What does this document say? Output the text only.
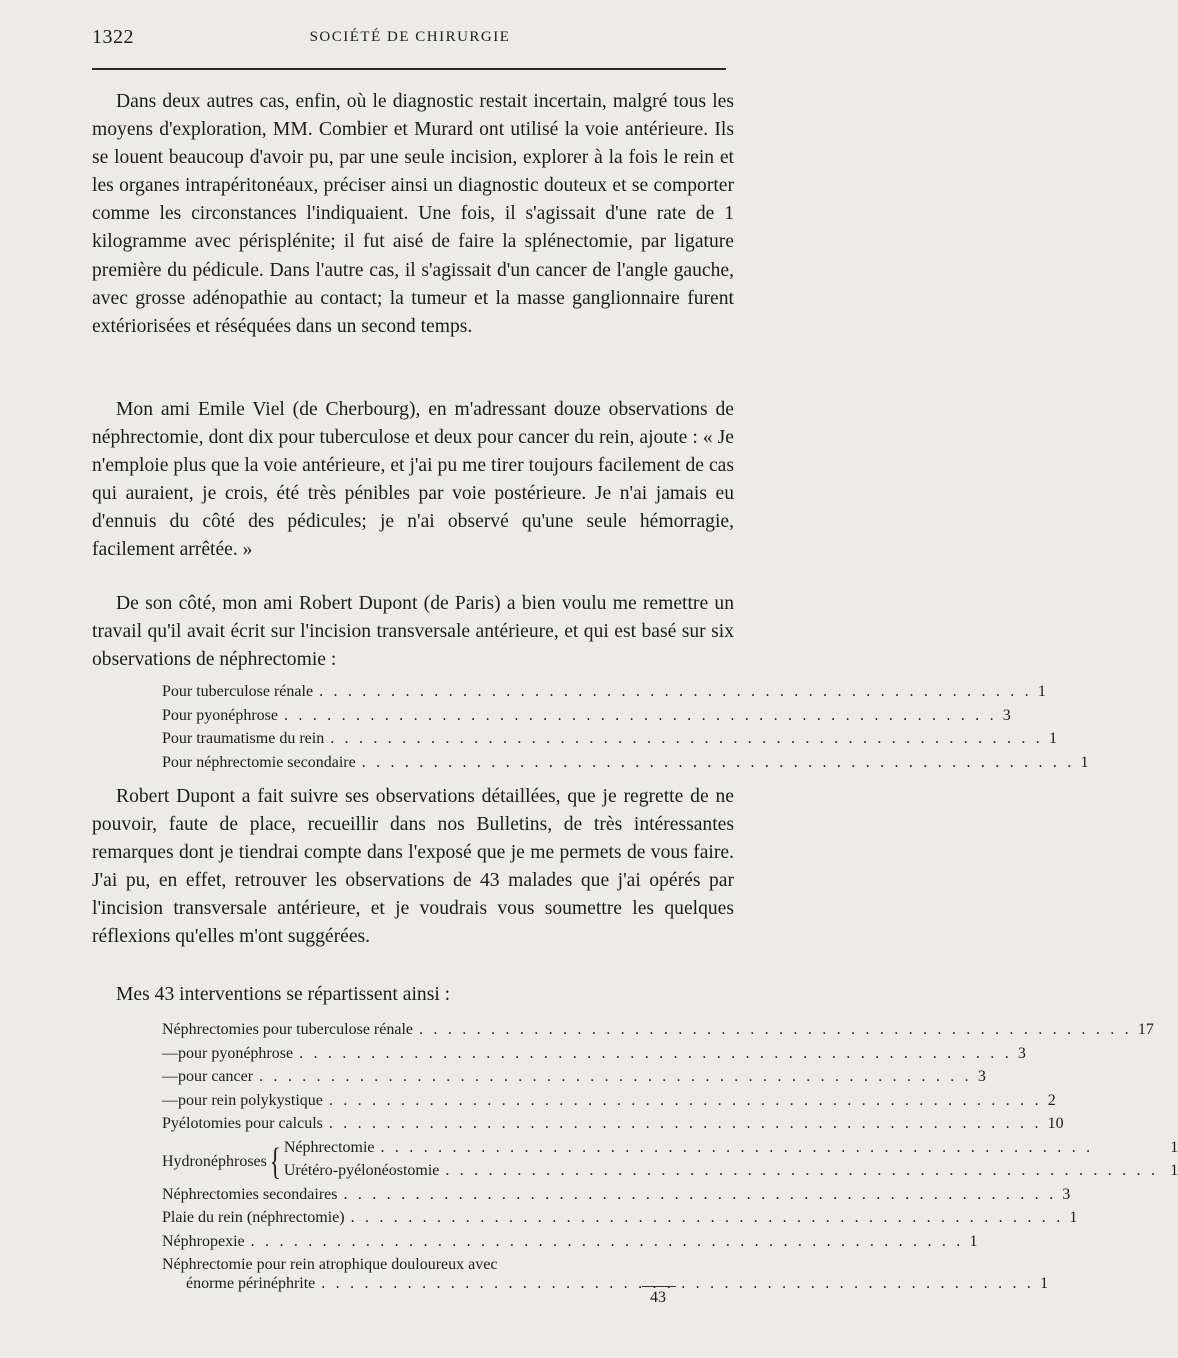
1322	SOCIÉTÉ DE CHIRURGIE

Dans deux autres cas, enfin, où le diagnostic restait incertain, malgré tous les moyens d'exploration, MM. Combier et Murard ont utilisé la voie antérieure. Ils se louent beaucoup d'avoir pu, par une seule incision, explorer à la fois le rein et les organes intrapéritonéaux, préciser ainsi un diagnostic douteux et se comporter comme les circonstances l'indiquaient. Une fois, il s'agissait d'une rate de 1 kilogramme avec périsplénite; il fut aisé de faire la splénectomie, par ligature première du pédicule. Dans l'autre cas, il s'agissait d'un cancer de l'angle gauche, avec grosse adénopathie au contact; la tumeur et la masse ganglionnaire furent extériorisées et réséquées dans un second temps.

Mon ami Emile Viel (de Cherbourg), en m'adressant douze observations de néphrectomie, dont dix pour tuberculose et deux pour cancer du rein, ajoute : « Je n'emploie plus que la voie antérieure, et j'ai pu me tirer toujours facilement de cas qui auraient, je crois, été très pénibles par voie postérieure. Je n'ai jamais eu d'ennuis du côté des pédicules; je n'ai observé qu'une seule hémorragie, facilement arrêtée. »

De son côté, mon ami Robert Dupont (de Paris) a bien voulu me remettre un travail qu'il avait écrit sur l'incision transversale antérieure, et qui est basé sur six observations de néphrectomie :

Pour tuberculose rénale . . .	1
Pour pyonéphrose . . .	3
Pour traumatisme du rein . . .	1
Pour néphrectomie secondaire . . .	1

Robert Dupont a fait suivre ses observations détaillées, que je regrette de ne pouvoir, faute de place, recueillir dans nos Bulletins, de très intéressantes remarques dont je tiendrai compte dans l'exposé que je me permets de vous faire. J'ai pu, en effet, retrouver les observations de 43 malades que j'ai opérés par l'incision transversale antérieure, et je voudrais vous soumettre les quelques réflexions qu'elles m'ont suggérées.

Mes 43 interventions se répartissent ainsi :

Néphrectomies pour tuberculose rénale . . .	17
— pour pyonéphrose . . .	3
— pour cancer . . .	3
— pour rein polykystique . . .	2
Pyélotomies pour calculs . . .	10
Hydronéphroses { Néphrectomie . . .	1
Urétéro-pyélonéostomie . . .	1
Néphrectomies secondaires . . .	3
Plaie du rein (néphrectomie) . . .	1
Néphropexie . . .	1
Néphrectomie pour rein atrophique douloureux avec
énorme périnéphrite . . .	1
43
